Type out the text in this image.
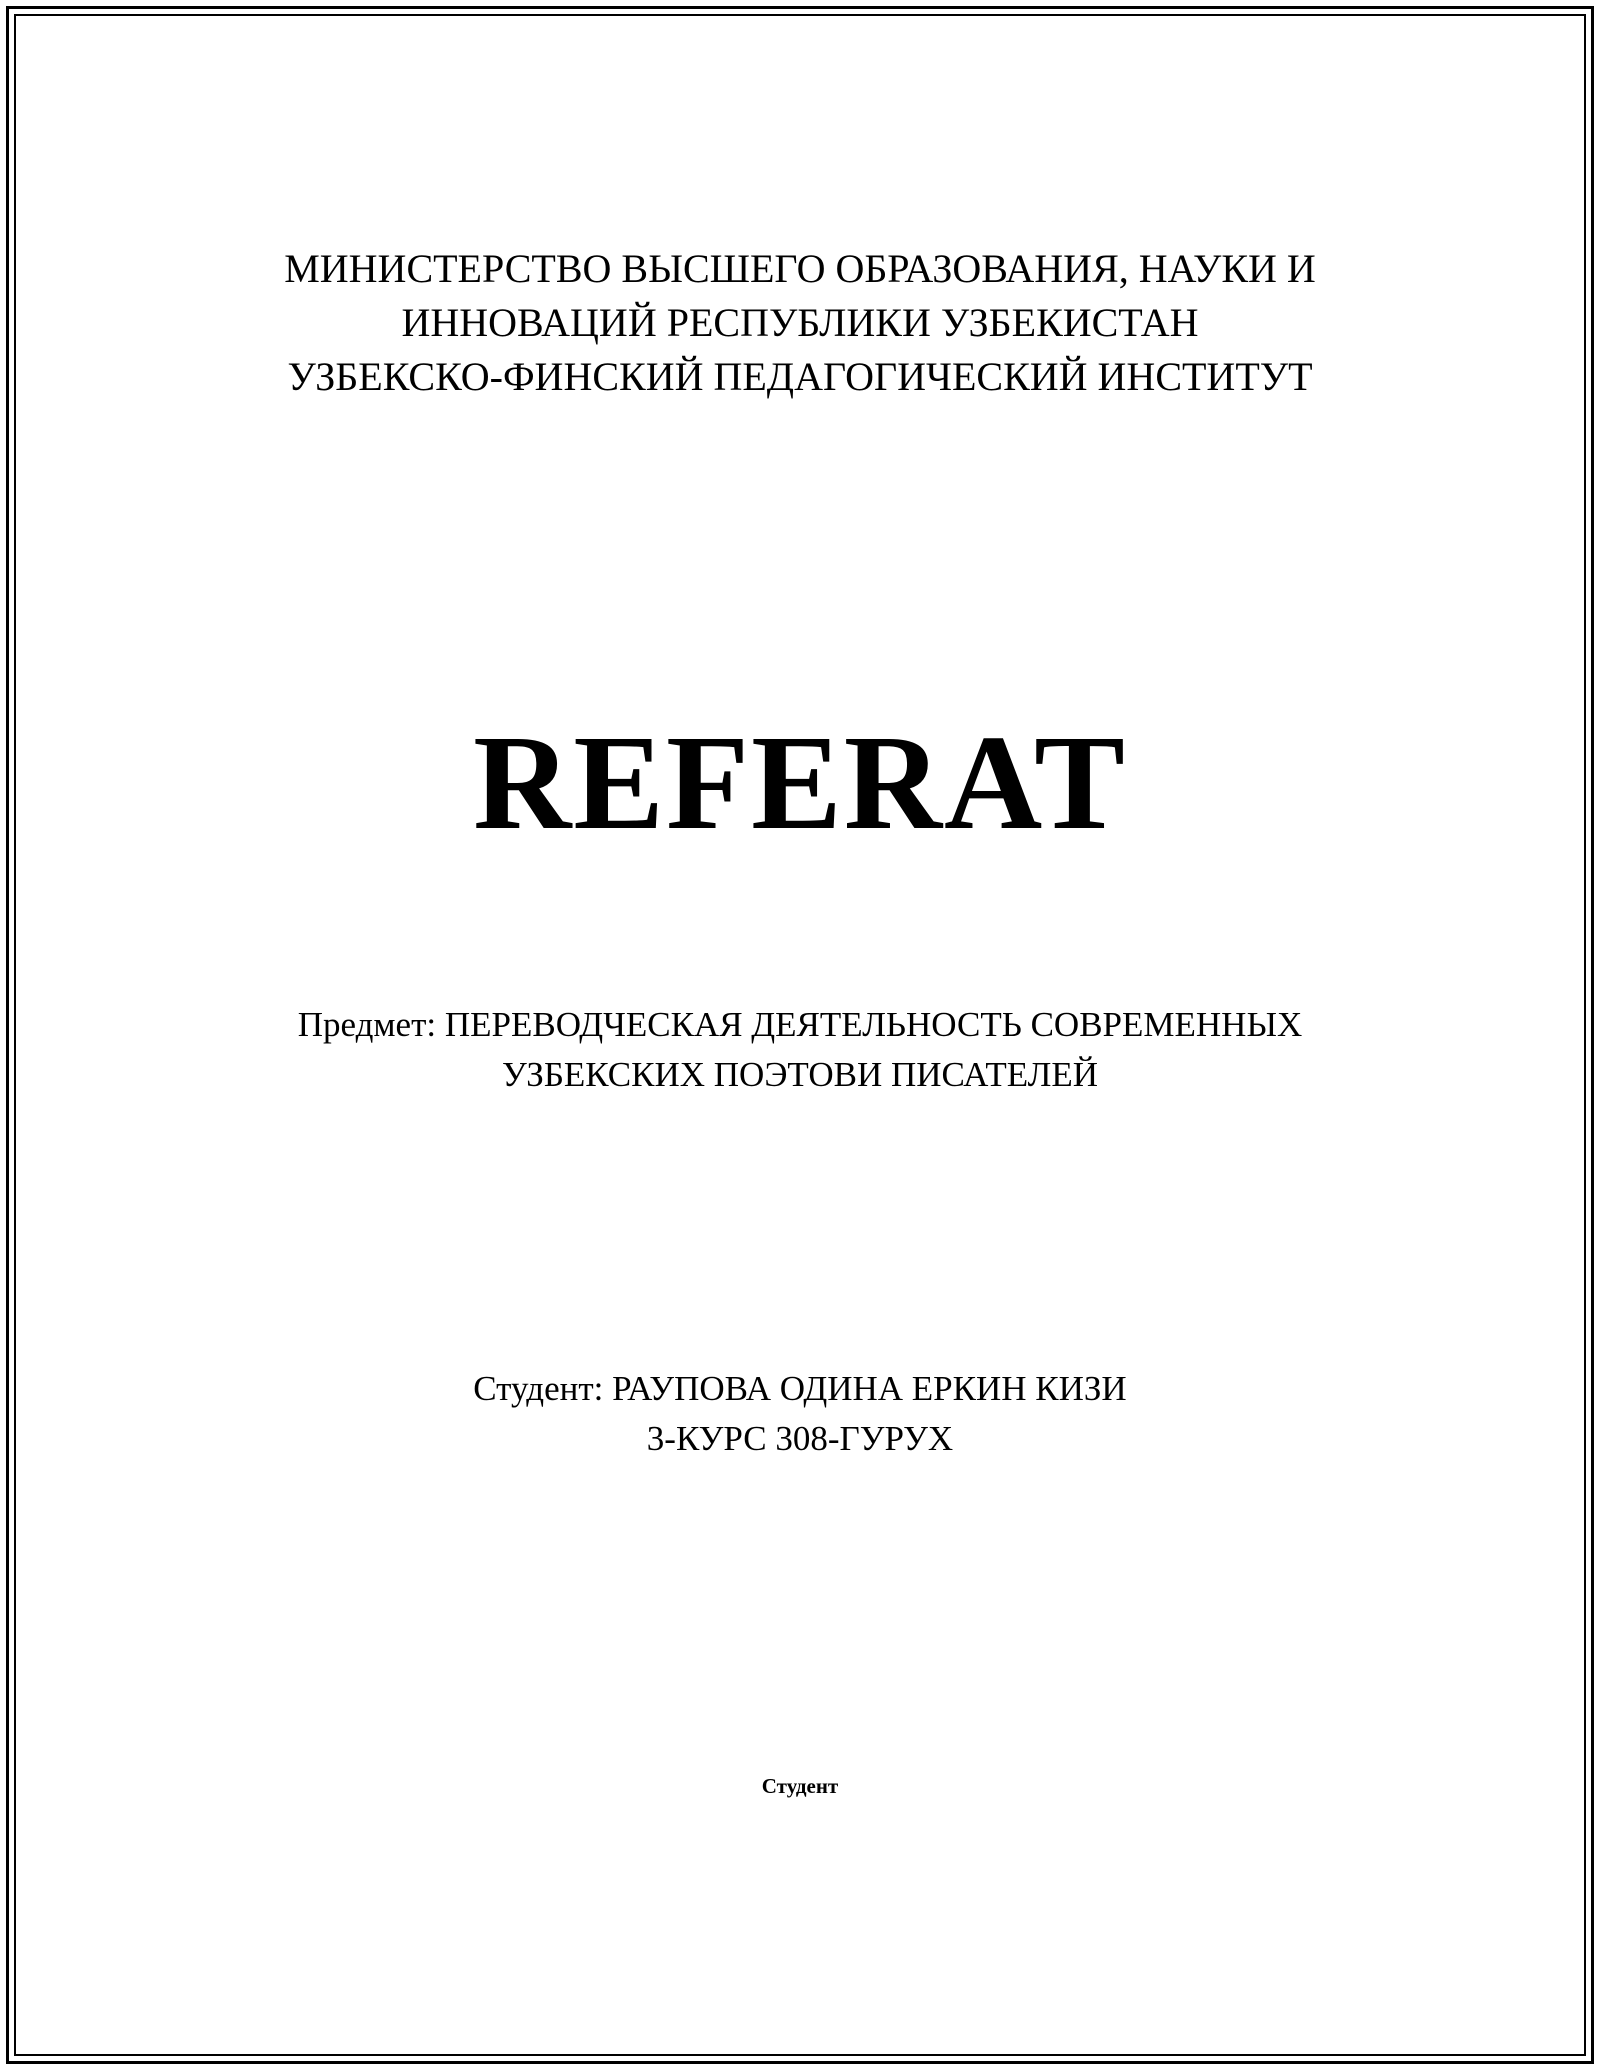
МИНИСТЕРСТВО ВЫСШЕГО ОБРАЗОВАНИЯ, НАУКИ И
ИННОВАЦИЙ РЕСПУБЛИКИ УЗБЕКИСТАН
УЗБЕКСКО-ФИНСКИЙ ПЕДАГОГИЧЕСКИЙ ИНСТИТУТ
REFERAT
Предмет: ПЕРЕВОДЧЕСКАЯ ДЕЯТЕЛЬНОСТЬ СОВРЕМЕННЫХ
УЗБЕКСКИХ ПОЭТОВИ ПИСАТЕЛЕЙ
Студент: РАУПОВА ОДИНА ЕРКИН КИЗИ
3-КУРС 308-ГУРУХ
Студент
